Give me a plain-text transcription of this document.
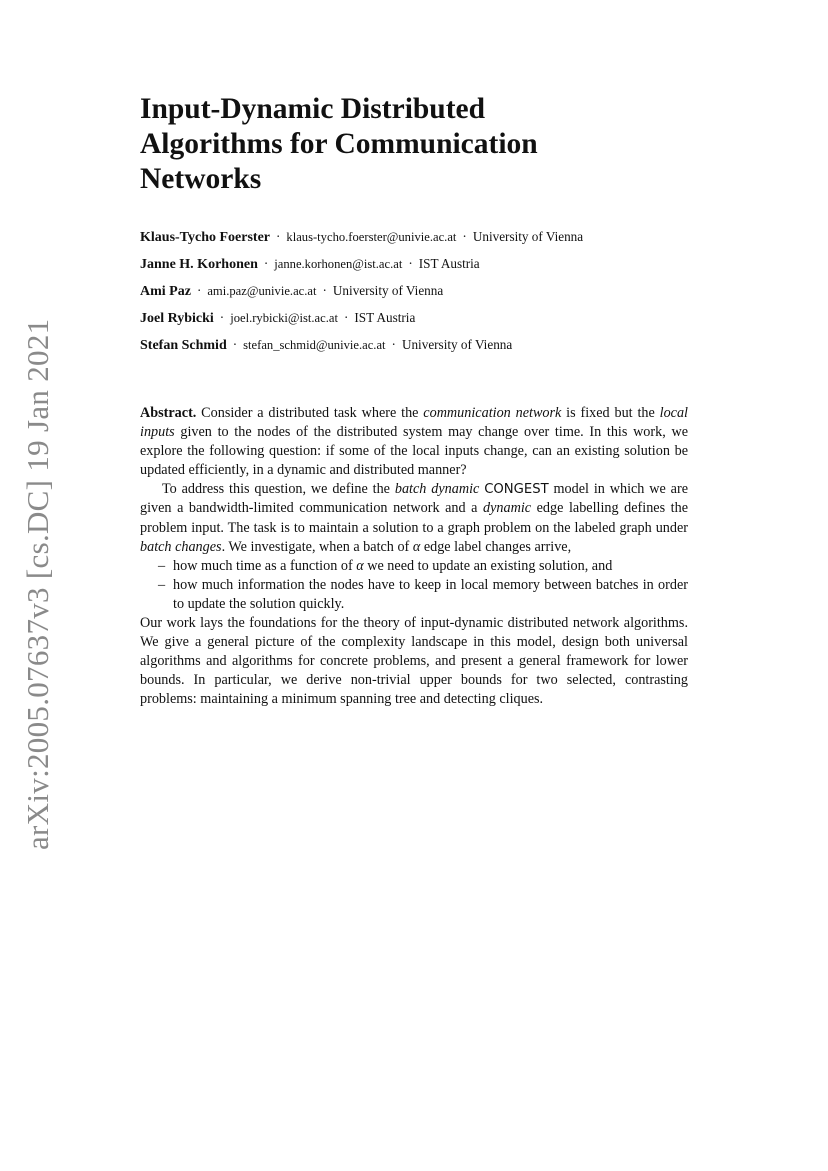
arXiv:2005.07637v3 [cs.DC] 19 Jan 2021
Input-Dynamic Distributed
Algorithms for Communication
Networks
Klaus-Tycho Foerster · klaus-tycho.foerster@univie.ac.at · University of Vienna
Janne H. Korhonen · janne.korhonen@ist.ac.at · IST Austria
Ami Paz · ami.paz@univie.ac.at · University of Vienna
Joel Rybicki · joel.rybicki@ist.ac.at · IST Austria
Stefan Schmid · stefan_schmid@univie.ac.at · University of Vienna

Abstract. Consider a distributed task where the communication network is fixed but the local inputs given to the nodes of the distributed system may change over time. In this work, we explore the following question: if some of the local inputs change, can an existing solution be updated efficiently, in a dynamic and distributed manner?

To address this question, we define the batch dynamic CONGEST model in which we are given a bandwidth-limited communication network and a dynamic edge labelling defines the problem input. The task is to maintain a solution to a graph problem on the labeled graph under batch changes. We investigate, when a batch of α edge label changes arrive,

– how much time as a function of α we need to update an existing solution, and
– how much information the nodes have to keep in local memory between batches in order to update the solution quickly.

Our work lays the foundations for the theory of input-dynamic distributed network algorithms. We give a general picture of the complexity landscape in this model, design both universal algorithms and algorithms for concrete problems, and present a general framework for lower bounds. In particular, we derive non-trivial upper bounds for two selected, contrasting problems: maintaining a minimum spanning tree and detecting cliques.
